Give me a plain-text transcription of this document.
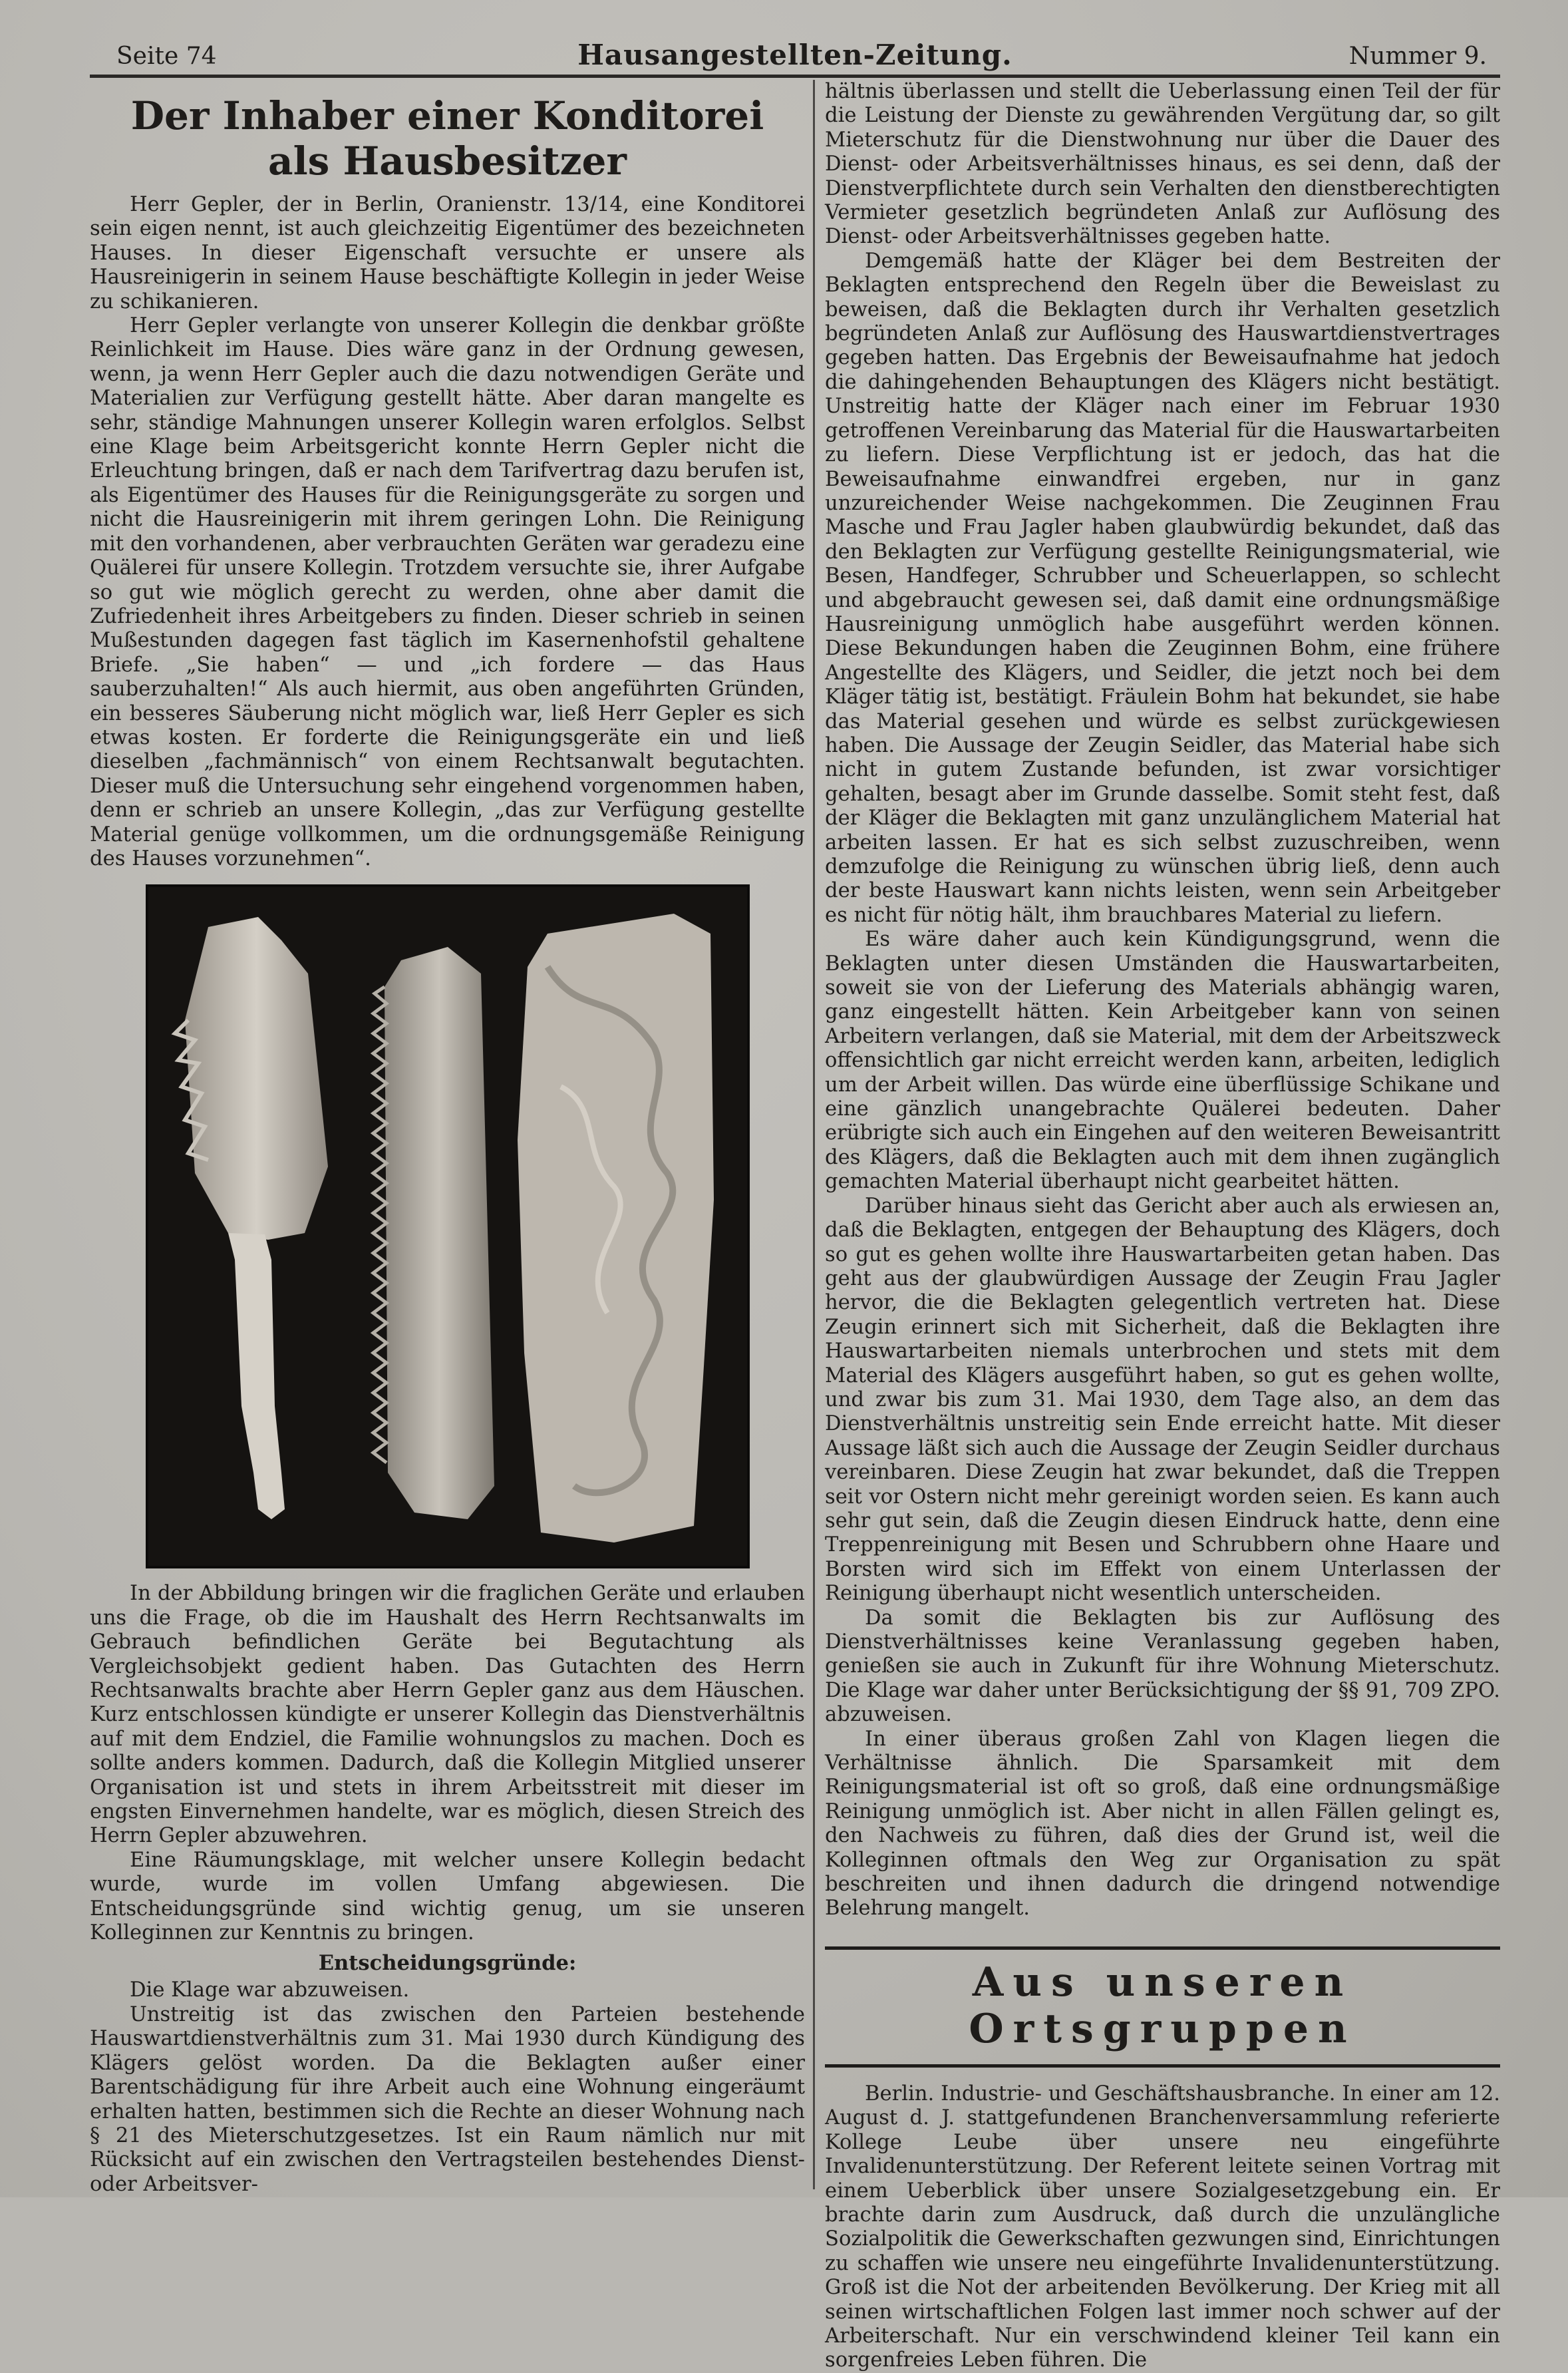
Seite 74	Hausangestellten-Zeitung.	Nummer 9.
Der Inhaber einer Konditorei
als Hausbesitzer

Herr Gepler, der in Berlin, Oranienstr. 13/14, eine Konditorei sein eigen nennt, ist auch gleichzeitig Eigentümer des bezeichneten Hauses. In dieser Eigenschaft versuchte er unsere als Hausreinigerin in seinem Hause beschäftigte Kollegin in jeder Weise zu schikanieren.

Herr Gepler verlangte von unserer Kollegin die denkbar größte Reinlichkeit im Hause. Dies wäre ganz in der Ordnung gewesen, wenn, ja wenn Herr Gepler auch die dazu notwendigen Geräte und Materialien zur Verfügung gestellt hätte. Aber daran mangelte es sehr, ständige Mahnungen unserer Kollegin waren erfolglos. Selbst eine Klage beim Arbeitsgericht konnte Herrn Gepler nicht die Erleuchtung bringen, daß er nach dem Tarifvertrag dazu berufen ist, als Eigentümer des Hauses für die Reinigungsgeräte zu sorgen und nicht die Hausreinigerin mit ihrem geringen Lohn. Die Reinigung mit den vorhandenen, aber verbrauchten Geräten war geradezu eine Quälerei für unsere Kollegin. Trotzdem versuchte sie, ihrer Aufgabe so gut wie möglich gerecht zu werden, ohne aber damit die Zufriedenheit ihres Arbeitgebers zu finden. Dieser schrieb in seinen Mußestunden dagegen fast täglich im Kasernenhofstil gehaltene Briefe. „Sie haben“ — und „ich fordere — das Haus sauberzuhalten!“ Als auch hiermit, aus oben angeführten Gründen, ein besseres Säuberung nicht möglich war, ließ Herr Gepler es sich etwas kosten. Er forderte die Reinigungsgeräte ein und ließ dieselben „fachmännisch“ von einem Rechtsanwalt begutachten. Dieser muß die Untersuchung sehr eingehend vorgenommen haben, denn er schrieb an unsere Kollegin, „das zur Verfügung gestellte Material genüge vollkommen, um die ordnungsgemäße Reinigung des Hauses vorzunehmen“.

In der Abbildung bringen wir die fraglichen Geräte und erlauben uns die Frage, ob die im Haushalt des Herrn Rechtsanwalts im Gebrauch befindlichen Geräte bei Begutachtung als Vergleichsobjekt gedient haben. Das Gutachten des Herrn Rechtsanwalts brachte aber Herrn Gepler ganz aus dem Häuschen. Kurz entschlossen kündigte er unserer Kollegin das Dienstverhältnis auf mit dem Endziel, die Familie wohnungslos zu machen. Doch es sollte anders kommen. Dadurch, daß die Kollegin Mitglied unserer Organisation ist und stets in ihrem Arbeitsstreit mit dieser im engsten Einvernehmen handelte, war es möglich, diesen Streich des Herrn Gepler abzuwehren.

Eine Räumungsklage, mit welcher unsere Kollegin bedacht wurde, wurde im vollen Umfang abgewiesen. Die Entscheidungsgründe sind wichtig genug, um sie unseren Kolleginnen zur Kenntnis zu bringen.

Entscheidungsgründe:

Die Klage war abzuweisen.

Unstreitig ist das zwischen den Parteien bestehende Hauswartdienstverhältnis zum 31. Mai 1930 durch Kündigung des Klägers gelöst worden. Da die Beklagten außer einer Barentschädigung für ihre Arbeit auch eine Wohnung eingeräumt erhalten hatten, bestimmen sich die Rechte an dieser Wohnung nach § 21 des Mieterschutzgesetzes. Ist ein Raum nämlich nur mit Rücksicht auf ein zwischen den Vertragsteilen bestehendes Dienst- oder Arbeitsver-

hältnis überlassen und stellt die Ueberlassung einen Teil der für die Leistung der Dienste zu gewährenden Vergütung dar, so gilt Mieterschutz für die Dienstwohnung nur über die Dauer des Dienst- oder Arbeitsverhältnisses hinaus, es sei denn, daß der Dienstverpflichtete durch sein Verhalten den dienstberechtigten Vermieter gesetzlich begründeten Anlaß zur Auflösung des Dienst- oder Arbeitsverhältnisses gegeben hatte.

Demgemäß hatte der Kläger bei dem Bestreiten der Beklagten entsprechend den Regeln über die Beweislast zu beweisen, daß die Beklagten durch ihr Verhalten gesetzlich begründeten Anlaß zur Auflösung des Hauswartdienstvertrages gegeben hatten. Das Ergebnis der Beweisaufnahme hat jedoch die dahingehenden Behauptungen des Klägers nicht bestätigt. Unstreitig hatte der Kläger nach einer im Februar 1930 getroffenen Vereinbarung das Material für die Hauswartarbeiten zu liefern. Diese Verpflichtung ist er jedoch, das hat die Beweisaufnahme einwandfrei ergeben, nur in ganz unzureichender Weise nachgekommen. Die Zeuginnen Frau Masche und Frau Jagler haben glaubwürdig bekundet, daß das den Beklagten zur Verfügung gestellte Reinigungsmaterial, wie Besen, Handfeger, Schrubber und Scheuerlappen, so schlecht und abgebraucht gewesen sei, daß damit eine ordnungsmäßige Hausreinigung unmöglich habe ausgeführt werden können. Diese Bekundungen haben die Zeuginnen Bohm, eine frühere Angestellte des Klägers, und Seidler, die jetzt noch bei dem Kläger tätig ist, bestätigt. Fräulein Bohm hat bekundet, sie habe das Material gesehen und würde es selbst zurückgewiesen haben. Die Aussage der Zeugin Seidler, das Material habe sich nicht in gutem Zustande befunden, ist zwar vorsichtiger gehalten, besagt aber im Grunde dasselbe. Somit steht fest, daß der Kläger die Beklagten mit ganz unzulänglichem Material hat arbeiten lassen. Er hat es sich selbst zuzuschreiben, wenn demzufolge die Reinigung zu wünschen übrig ließ, denn auch der beste Hauswart kann nichts leisten, wenn sein Arbeitgeber es nicht für nötig hält, ihm brauchbares Material zu liefern.

Es wäre daher auch kein Kündigungsgrund, wenn die Beklagten unter diesen Umständen die Hauswartarbeiten, soweit sie von der Lieferung des Materials abhängig waren, ganz eingestellt hätten. Kein Arbeitgeber kann von seinen Arbeitern verlangen, daß sie Material, mit dem der Arbeitszweck offensichtlich gar nicht erreicht werden kann, arbeiten, lediglich um der Arbeit willen. Das würde eine überflüssige Schikane und eine gänzlich unangebrachte Quälerei bedeuten. Daher erübrigte sich auch ein Eingehen auf den weiteren Beweisantritt des Klägers, daß die Beklagten auch mit dem ihnen zugänglich gemachten Material überhaupt nicht gearbeitet hätten.

Darüber hinaus sieht das Gericht aber auch als erwiesen an, daß die Beklagten, entgegen der Behauptung des Klägers, doch so gut es gehen wollte ihre Hauswartarbeiten getan haben. Das geht aus der glaubwürdigen Aussage der Zeugin Frau Jagler hervor, die die Beklagten gelegentlich vertreten hat. Diese Zeugin erinnert sich mit Sicherheit, daß die Beklagten ihre Hauswartarbeiten niemals unterbrochen und stets mit dem Material des Klägers ausgeführt haben, so gut es gehen wollte, und zwar bis zum 31. Mai 1930, dem Tage also, an dem das Dienstverhältnis unstreitig sein Ende erreicht hatte. Mit dieser Aussage läßt sich auch die Aussage der Zeugin Seidler durchaus vereinbaren. Diese Zeugin hat zwar bekundet, daß die Treppen seit vor Ostern nicht mehr gereinigt worden seien. Es kann auch sehr gut sein, daß die Zeugin diesen Eindruck hatte, denn eine Treppenreinigung mit Besen und Schrubbern ohne Haare und Borsten wird sich im Effekt von einem Unterlassen der Reinigung überhaupt nicht wesentlich unterscheiden.

Da somit die Beklagten bis zur Auflösung des Dienstverhältnisses keine Veranlassung gegeben haben, genießen sie auch in Zukunft für ihre Wohnung Mieterschutz. Die Klage war daher unter Berücksichtigung der §§ 91, 709 ZPO. abzuweisen.

In einer überaus großen Zahl von Klagen liegen die Verhältnisse ähnlich. Die Sparsamkeit mit dem Reinigungsmaterial ist oft so groß, daß eine ordnungsmäßige Reinigung unmöglich ist. Aber nicht in allen Fällen gelingt es, den Nachweis zu führen, daß dies der Grund ist, weil die Kolleginnen oftmals den Weg zur Organisation zu spät beschreiten und ihnen dadurch die dringend notwendige Belehrung mangelt.

Aus unseren Ortsgruppen

Berlin. Industrie- und Geschäftshausbranche. In einer am 12. August d. J. stattgefundenen Branchenversammlung referierte Kollege Leube über unsere neu eingeführte Invalidenunterstützung. Der Referent leitete seinen Vortrag mit einem Ueberblick über unsere Sozialgesetzgebung ein. Er brachte darin zum Ausdruck, daß durch die unzulängliche Sozialpolitik die Gewerkschaften gezwungen sind, Einrichtungen zu schaffen wie unsere neu eingeführte Invalidenunterstützung. Groß ist die Not der arbeitenden Bevölkerung. Der Krieg mit all seinen wirtschaftlichen Folgen last immer noch schwer auf der Arbeiterschaft. Nur ein verschwindend kleiner Teil kann ein sorgenfreies Leben führen. Die
